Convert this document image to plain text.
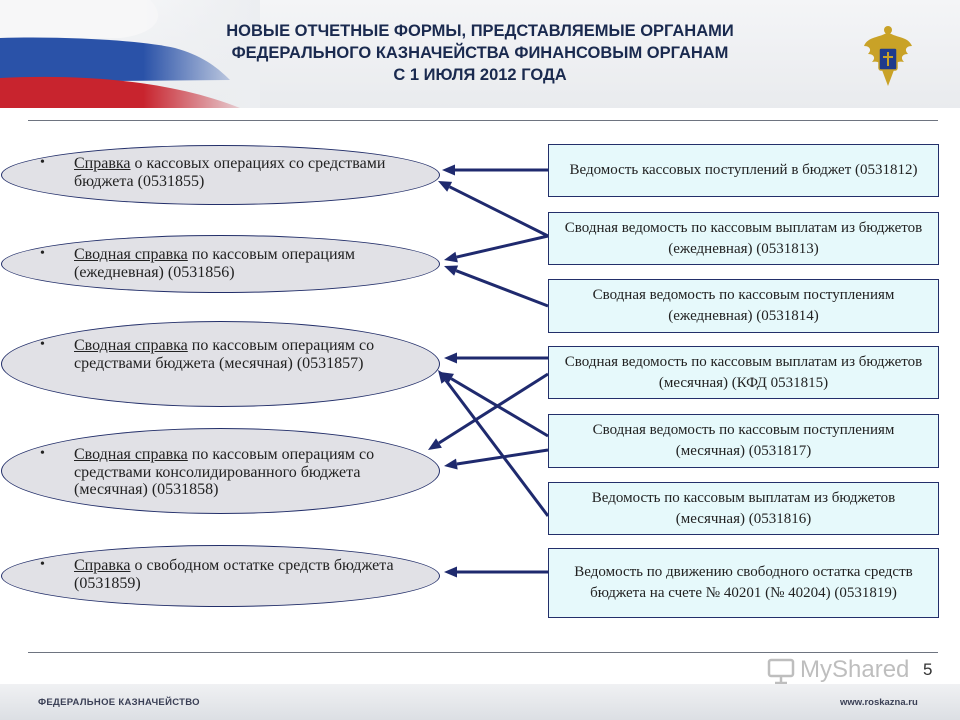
НОВЫЕ ОТЧЕТНЫЕ ФОРМЫ, ПРЕДСТАВЛЯЕМЫЕ ОРГАНАМИ
ФЕДЕРАЛЬНОГО КАЗНАЧЕЙСТВА ФИНАНСОВЫМ ОРГАНАМ
С 1 ИЮЛЯ 2012 ГОДА
• Справка о кассовых операциях со средствами бюджета (0531855)
• Сводная справка по кассовым операциям (ежедневная) (0531856)
• Сводная справка по кассовым операциям со средствами бюджета (месячная) (0531857)
• Сводная справка по кассовым операциям со средствами консолидированного бюджета (месячная) (0531858)
• Справка о свободном остатке средств бюджета (0531859)
Ведомость кассовых поступлений в бюджет (0531812)
Сводная ведомость по кассовым выплатам из бюджетов (ежедневная) (0531813)
Сводная ведомость по кассовым поступлениям (ежедневная) (0531814)
Сводная ведомость по кассовым выплатам из бюджетов (месячная) (КФД 0531815)
Сводная ведомость по кассовым поступлениям (месячная) (0531817)
Ведомость по кассовым выплатам из бюджетов (месячная) (0531816)
Ведомость по движению свободного остатка средств бюджета на счете № 40201 (№ 40204) (0531819)
MyShared 5
ФЕДЕРАЛЬНОЕ КАЗНАЧЕЙСТВО	www.roskazna.ru
